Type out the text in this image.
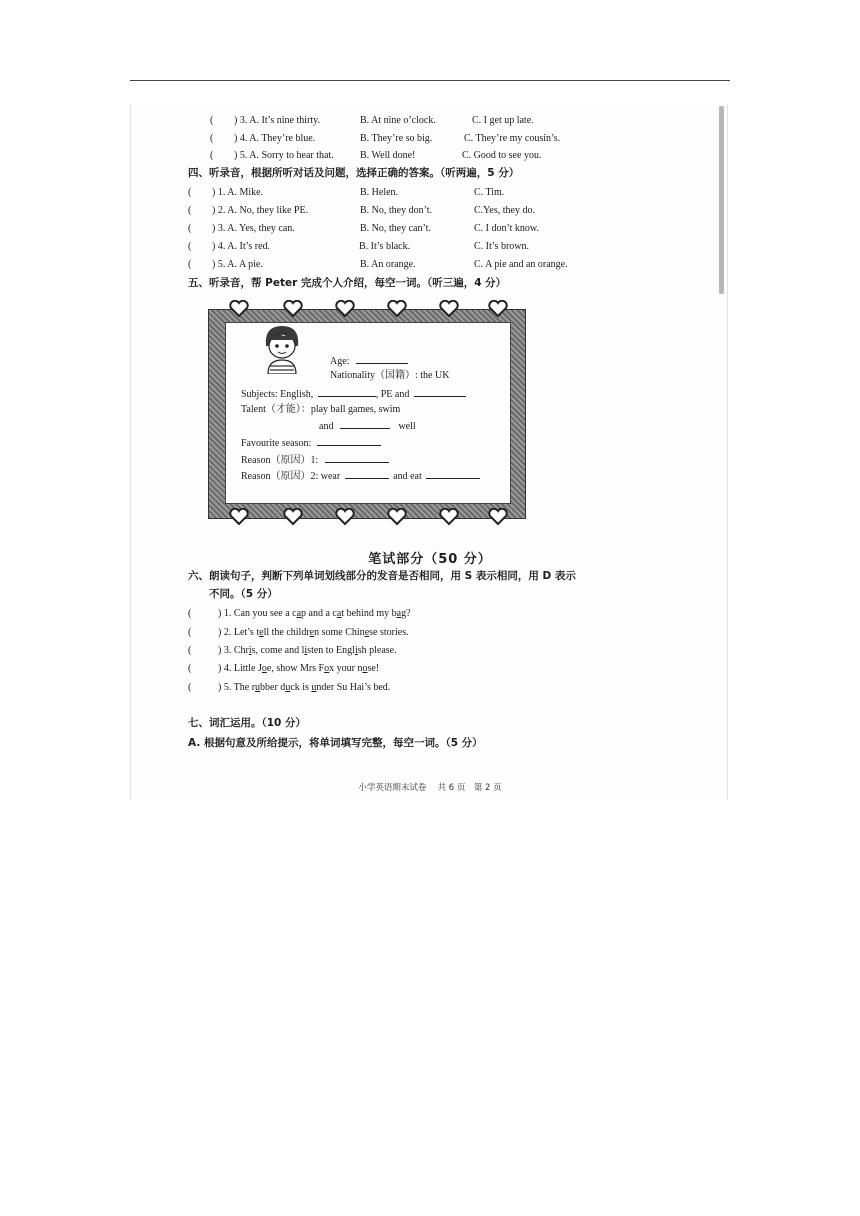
( ) 3. A. It’s nine thirty.	B. At nine o’clock.	C. I get up late.
( ) 4. A. They’re blue.	B. They’re so big.	C. They’re my cousin’s.
( ) 5. A. Sorry to hear that.	B. Well done!	C. Good to see you.
四、听录音，根据所听对话及问题，选择正确的答案。（听两遍，5 分）
( ) 1. A. Mike.	B. Helen.	C. Tim.
( ) 2. A. No, they like PE.	B. No, they don’t.	C.Yes, they do.
( ) 3. A. Yes, they can.	B. No, they can’t.	C. I don’t know.
( ) 4. A. It’s red.	B. It’s black.	C. It’s brown.
( ) 5. A. A pie.	B. An orange.	C. A pie and an orange.
五、听录音，帮 Peter 完成个人介绍，每空一词。（听三遍，4 分）
Age:
Nationality（国籍）: the UK
Subjects: English,	, PE and
Talent（才能）：play ball games, swim
and	well
Favourite season:
Reason（原因）1:
Reason（原因）2: wear	and eat
笔试部分（50 分）
六、朗读句子，判断下列单词划线部分的发音是否相同，用 S 表示相同，用 D 表示
不同。（5 分）
(	) 1. Can you see a cap and a cat behind my bag?
(	) 2. Let’s tell the children some Chinese stories.
(	) 3. Chris, come and listen to English please.
(	) 4. Little Joe, show Mrs Fox your nose!
(	) 5. The rubber duck is under Su Hai’s bed.
七、词汇运用。（10 分）
A. 根据句意及所给提示，将单词填写完整，每空一词。（5 分）
小学英语期末试卷　 共 6 页　第 2 页
